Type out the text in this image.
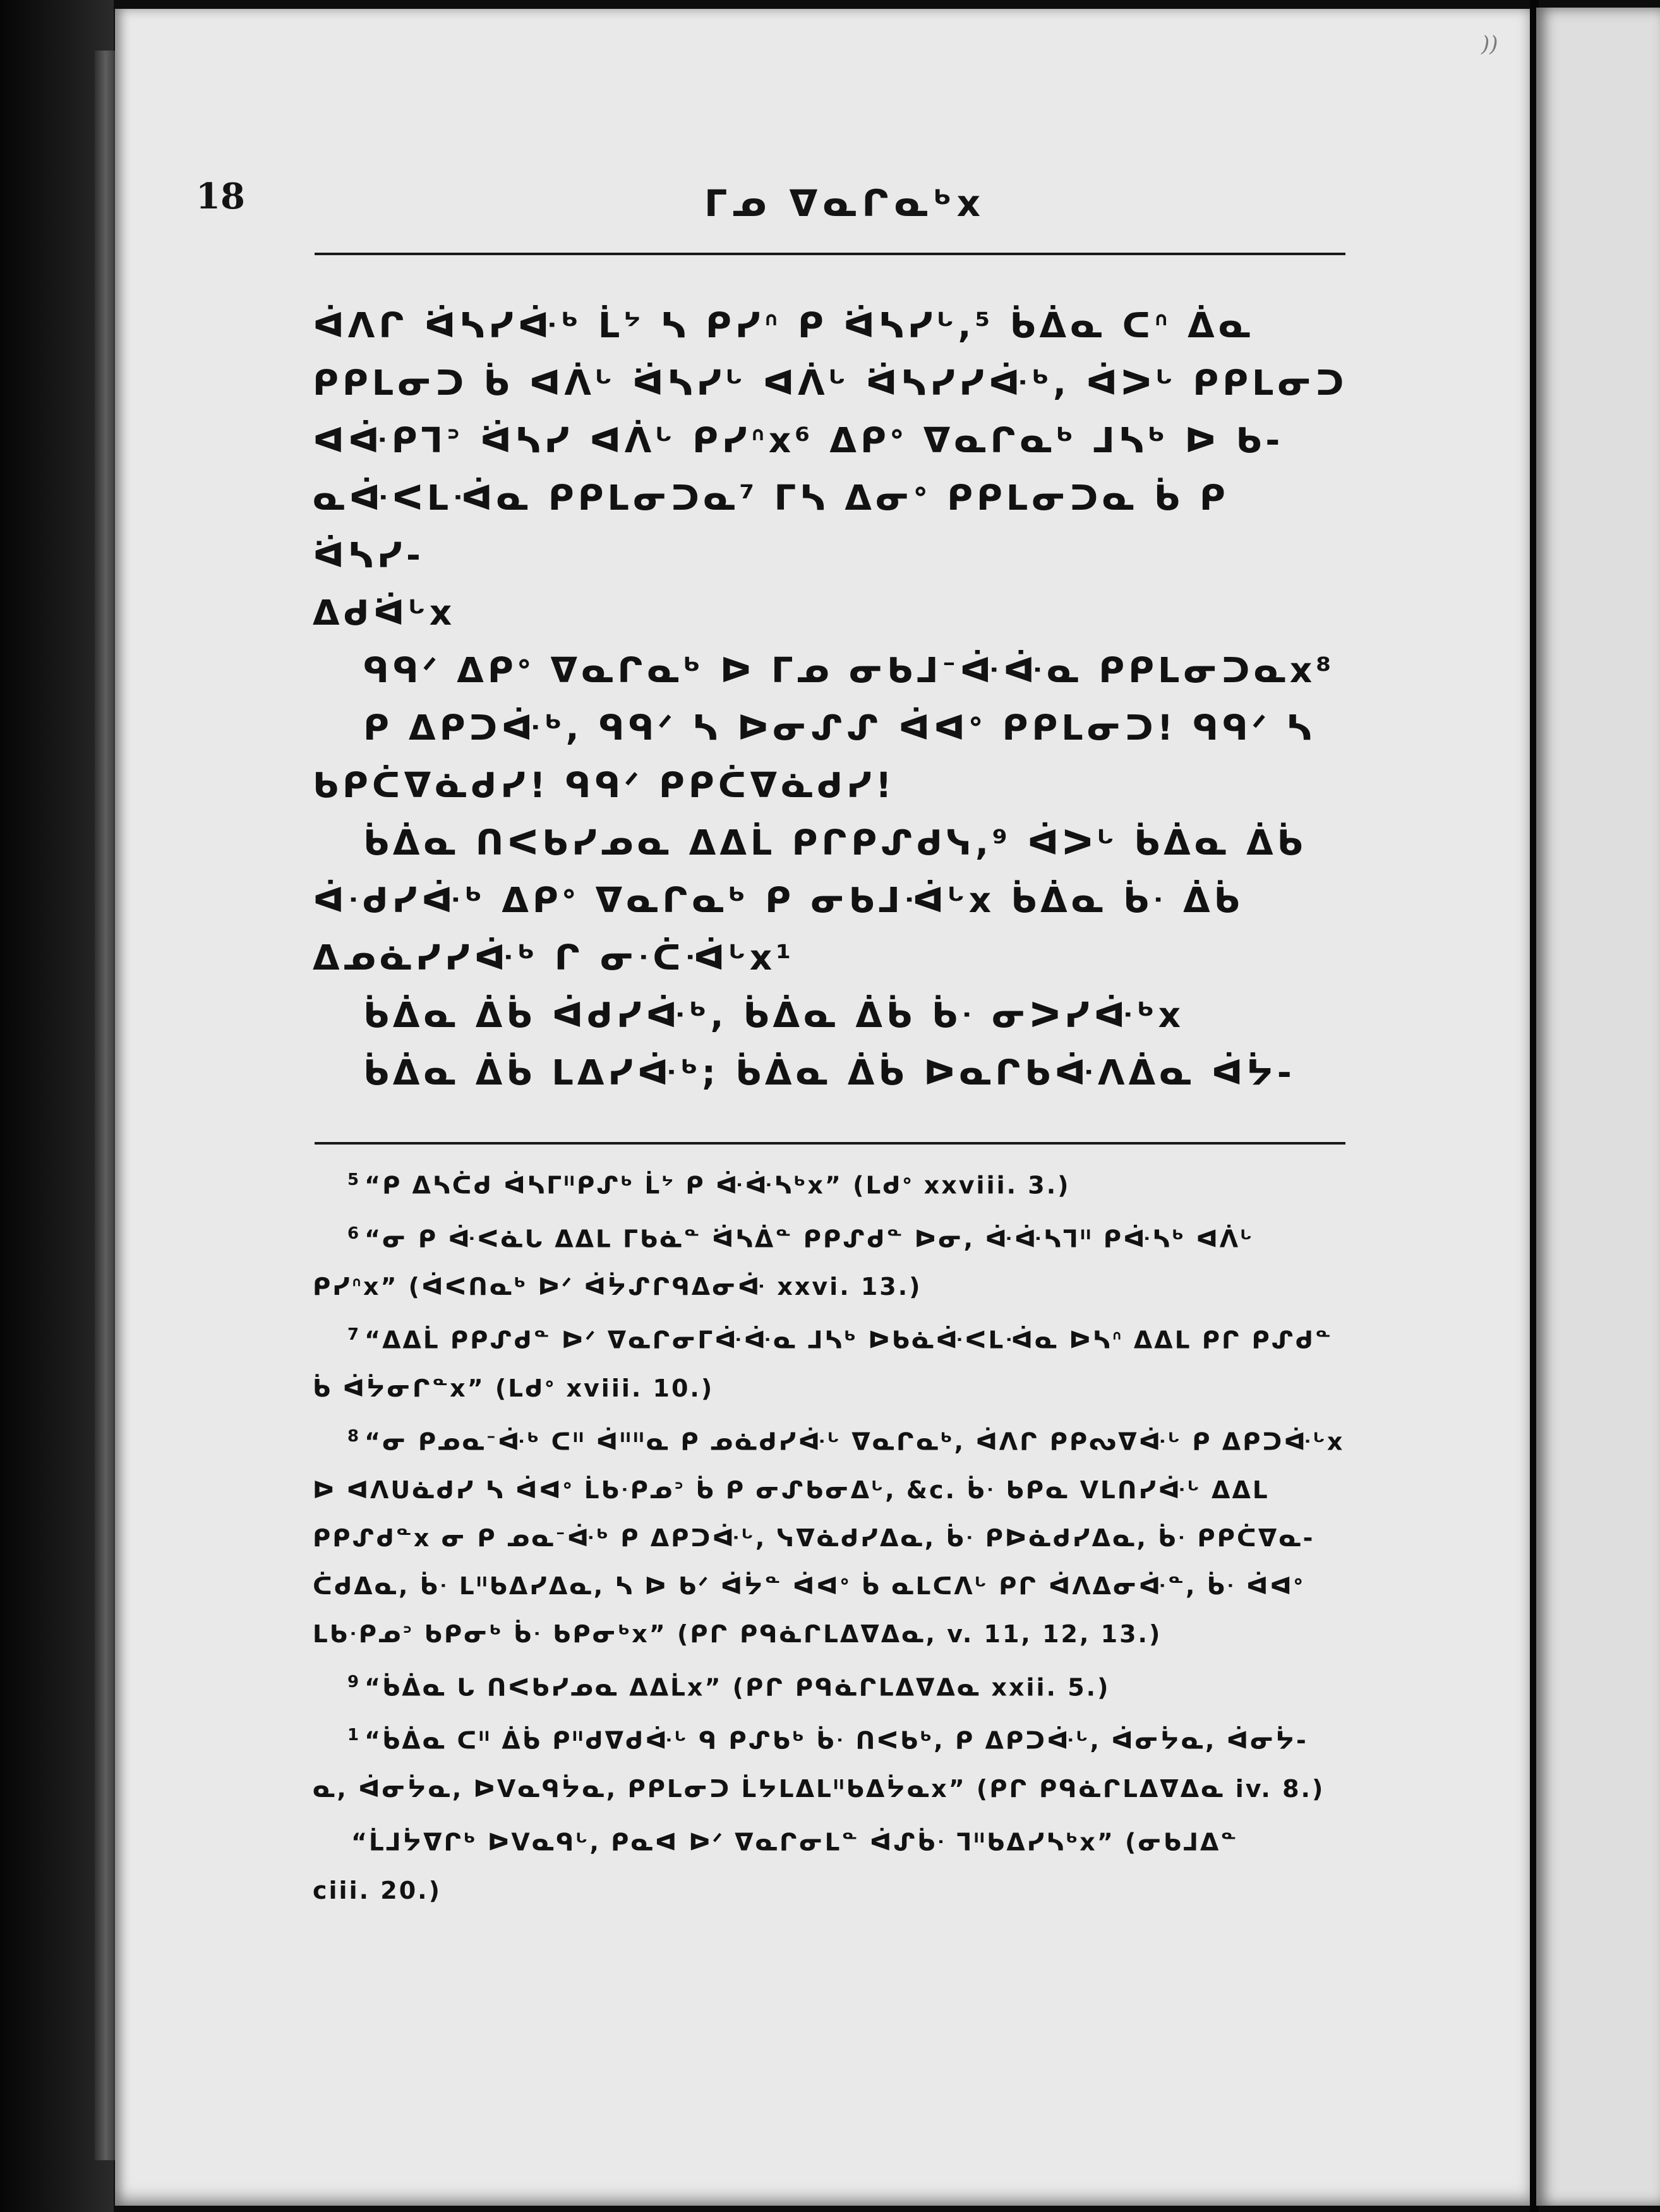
))
18	ᒥᓄ ᐁᓇᒋᓇᒃx

ᐋᐱᒋ ᐛᓴᓯᐚᒃ ᒫᔾ ᓴ ᑭᓯᐢ ᑭ ᐛᓴᓯᒡ,⁵ ᑳᐄᓇ ᑕᐢ ᐄᓇ
ᑭᑭᒪᓂᑐ ᑳ ᐊᐲᒡ ᐛᓴᓯᒡ ᐊᐲᒡ ᐛᓴᓯᓯᐚᒃ, ᐋᐳᒡ ᑭᑭᒪᓂᑐ
ᐊᐚᑭᒣᐣ ᐛᓴᓯ ᐊᐲᒡ ᑭᓯᐢx⁶ ᐃᑭᐤ ᐁᓇᒋᓇᒃ ᒧᓴᒃ ᐅ ᑲ-
ᓇᐚᐸᒪᐙᓇ ᑭᑭᒪᓂᑐᓇ⁷ ᒥᓴ ᐃᓂᐤ ᑭᑭᒪᓂᑐᓇ ᑳ ᑭ ᐛᓴᓯ-
ᐃᑯᐛᒡx

ᑫᑫᐟ ᐃᑭᐤ ᐁᓇᒋᓇᒃ ᐅ ᒥᓄ ᓂᑲᒧᐨᐚᐚᓇ ᑭᑭᒪᓂᑐᓇx⁸

ᑭ ᐃᑭᑐᐚᒃ, ᑫᑫᐟ ᓴ ᐅᓂᔑᔑ ᐋᐊᐤ ᑭᑭᒪᓂᑐ! ᑫᑫᐟ ᓴ
ᑲᑭᑖᐁᓈᑯᓯ! ᑫᑫᐟ ᑭᑭᑖᐁᓈᑯᓯ!

ᑳᐄᓇ ᑎᐸᑲᓯᓄᓇ ᐃᐃᒫ ᑭᒋᑭᔑᑯᓭ,⁹ ᐋᐳᒡ ᑳᐄᓇ ᐄᑳ
ᐋᐧᑯᓯᐚᒃ ᐃᑭᐤ ᐁᓇᒋᓇᒃ ᑭ ᓂᑲᒧᐙᒡx ᑳᐄᓇ ᑳᐧ ᐄᑳ
ᐃᓄᓈᓯᓯᐚᒃ ᒋ ᓂᐧᑖᐙᒡx¹

ᑳᐄᓇ ᐄᑳ ᐋᑯᓯᐚᒃ, ᑳᐄᓇ ᐄᑳ ᑳᐧ ᓂᐳᓯᐚᒃx

ᑳᐄᓇ ᐄᑳ ᒪᐃᓯᐚᒃ; ᑳᐄᓇ ᐄᑳ ᐅᓇᒋᑲᐚᐱᐄᓇ ᐋᔮ-

$^5$ “ᑭ ᐃᓴᑖᑯ ᐋᓴᒥᐦᑭᔑᒃ ᒫᔾ ᑭ ᐚᐚᓴᒃx” (ᒪᑯᐤ xxviii. 3.)

$^6$ “ᓂ ᑭ ᐚᐸᓈᒐ ᐃᐃᒪ ᒥᑲᓈᓐ ᐛᓴᐄᓐ ᑭᑭᔑᑯᓐ ᐅᓂ, ᐚᐚᓴᒣᐦ ᑭᐚᓴᒃ ᐊᐲᒡ
ᑭᓯᐢx” (ᐋᐸᑎᓇᒃ ᐅᐟ ᐋᔮᔑᒋᑫᐃᓂᐚ xxvi. 13.)

$^7$ “ᐃᐃᒫ ᑭᑭᔑᑯᓐ ᐅᐟ ᐁᓇᒋᓂᒥᐚᐚᓇ ᒧᓴᒃ ᐅᑲᓈᐚᐸᒪᐙᓇ ᐅᓴᐢ ᐃᐃᒪ ᑭᒋ ᑭᔑᑯᓐ
ᑳ ᐋᔮᓂᒋᓐx” (ᒪᑯᐤ xviii. 10.)

$^8$ “ᓂ ᑭᓄᓇᐨᐚᒃ ᑕᐦ ᐋᐦᐦᓇ ᑭ ᓄᓈᑯᓯᐚᒡ ᐁᓇᒋᓇᒃ, ᐋᐱᒋ ᑭᑭᔓᐁᐚᒡ ᑭ ᐃᑭᑐᐚᒡx
ᐅ ᐊᐱᑌᓈᑯᓯ ᓴ ᐋᐊᐤ ᒫᑲᐧᑭᓄᐣ ᑳ ᑭ ᓂᔑᑲᓂᐃᒡ, &c. ᑳᐧ ᑲᑭᓇ ᐯᒪᑎᓯᐚᒡ ᐃᐃᒪ
ᑭᑭᔑᑯᓐx ᓂ ᑭ ᓄᓇᐨᐚᒃ ᑭ ᐃᑭᑐᐚᒡ, ᓭᐁᓈᑯᓯᐃᓇ, ᑳᐧ ᑭᐅᓈᑯᓯᐃᓇ, ᑳᐧ ᑭᑭᑖᐁᓇ-
ᑖᑯᐃᓇ, ᑳᐧ ᒪᐦᑲᐃᓯᐃᓇ, ᓴ ᐅ ᑲᐟ ᐋᔮᓐ ᐋᐊᐤ ᑳ ᓇᒪᑕᐱᒡ ᑭᒋ ᐋᐱᐃᓂᐚᓐ, ᑳᐧ ᐋᐊᐤ
ᒪᑲᐧᑭᓄᐣ ᑲᑭᓂᒃ ᑳᐧ ᑲᑭᓂᒃx” (ᑭᒋ ᑭᑫᓈᒋᒪᐃᐁᐃᓇ, v. 11, 12, 13.)

$^9$ “ᑳᐄᓇ ᒐ ᑎᐸᑲᓯᓄᓇ ᐃᐃᒫx” (ᑭᒋ ᑭᑫᓈᒋᒪᐃᐁᐃᓇ xxii. 5.)

$^1$ “ᑳᐄᓇ ᑕᐦ ᐄᑳ ᑭᐦᑯᐁᑯᐚᒡ ᑫ ᑭᔑᑲᒃ ᑳᐧ ᑎᐸᑲᒃ, ᑭ ᐃᑭᑐᐚᒡ, ᐋᓂᔮᓇ, ᐋᓂᔮ-
ᓇ, ᐋᓂᔮᓇ, ᐅᐯᓇᑫᔮᓇ, ᑭᑭᒪᓂᑐ ᒫᔭᒪᐃᒪᐦᑲᐃᔮᓇx” (ᑭᒋ ᑭᑫᓈᒋᒪᐃᐁᐃᓇ iv. 8.)

“ᒫᒧᔮᐁᒋᒃ ᐅᐯᓇᑫᒡ, ᑭᓇᐊ ᐅᐟ ᐁᓇᒋᓂᒪᓐ ᐋᔑᑳᐧ ᒣᐦᑲᐃᓯᓴᒃx” (ᓂᑲᒧᐃᓐ
ciii. 20.)
